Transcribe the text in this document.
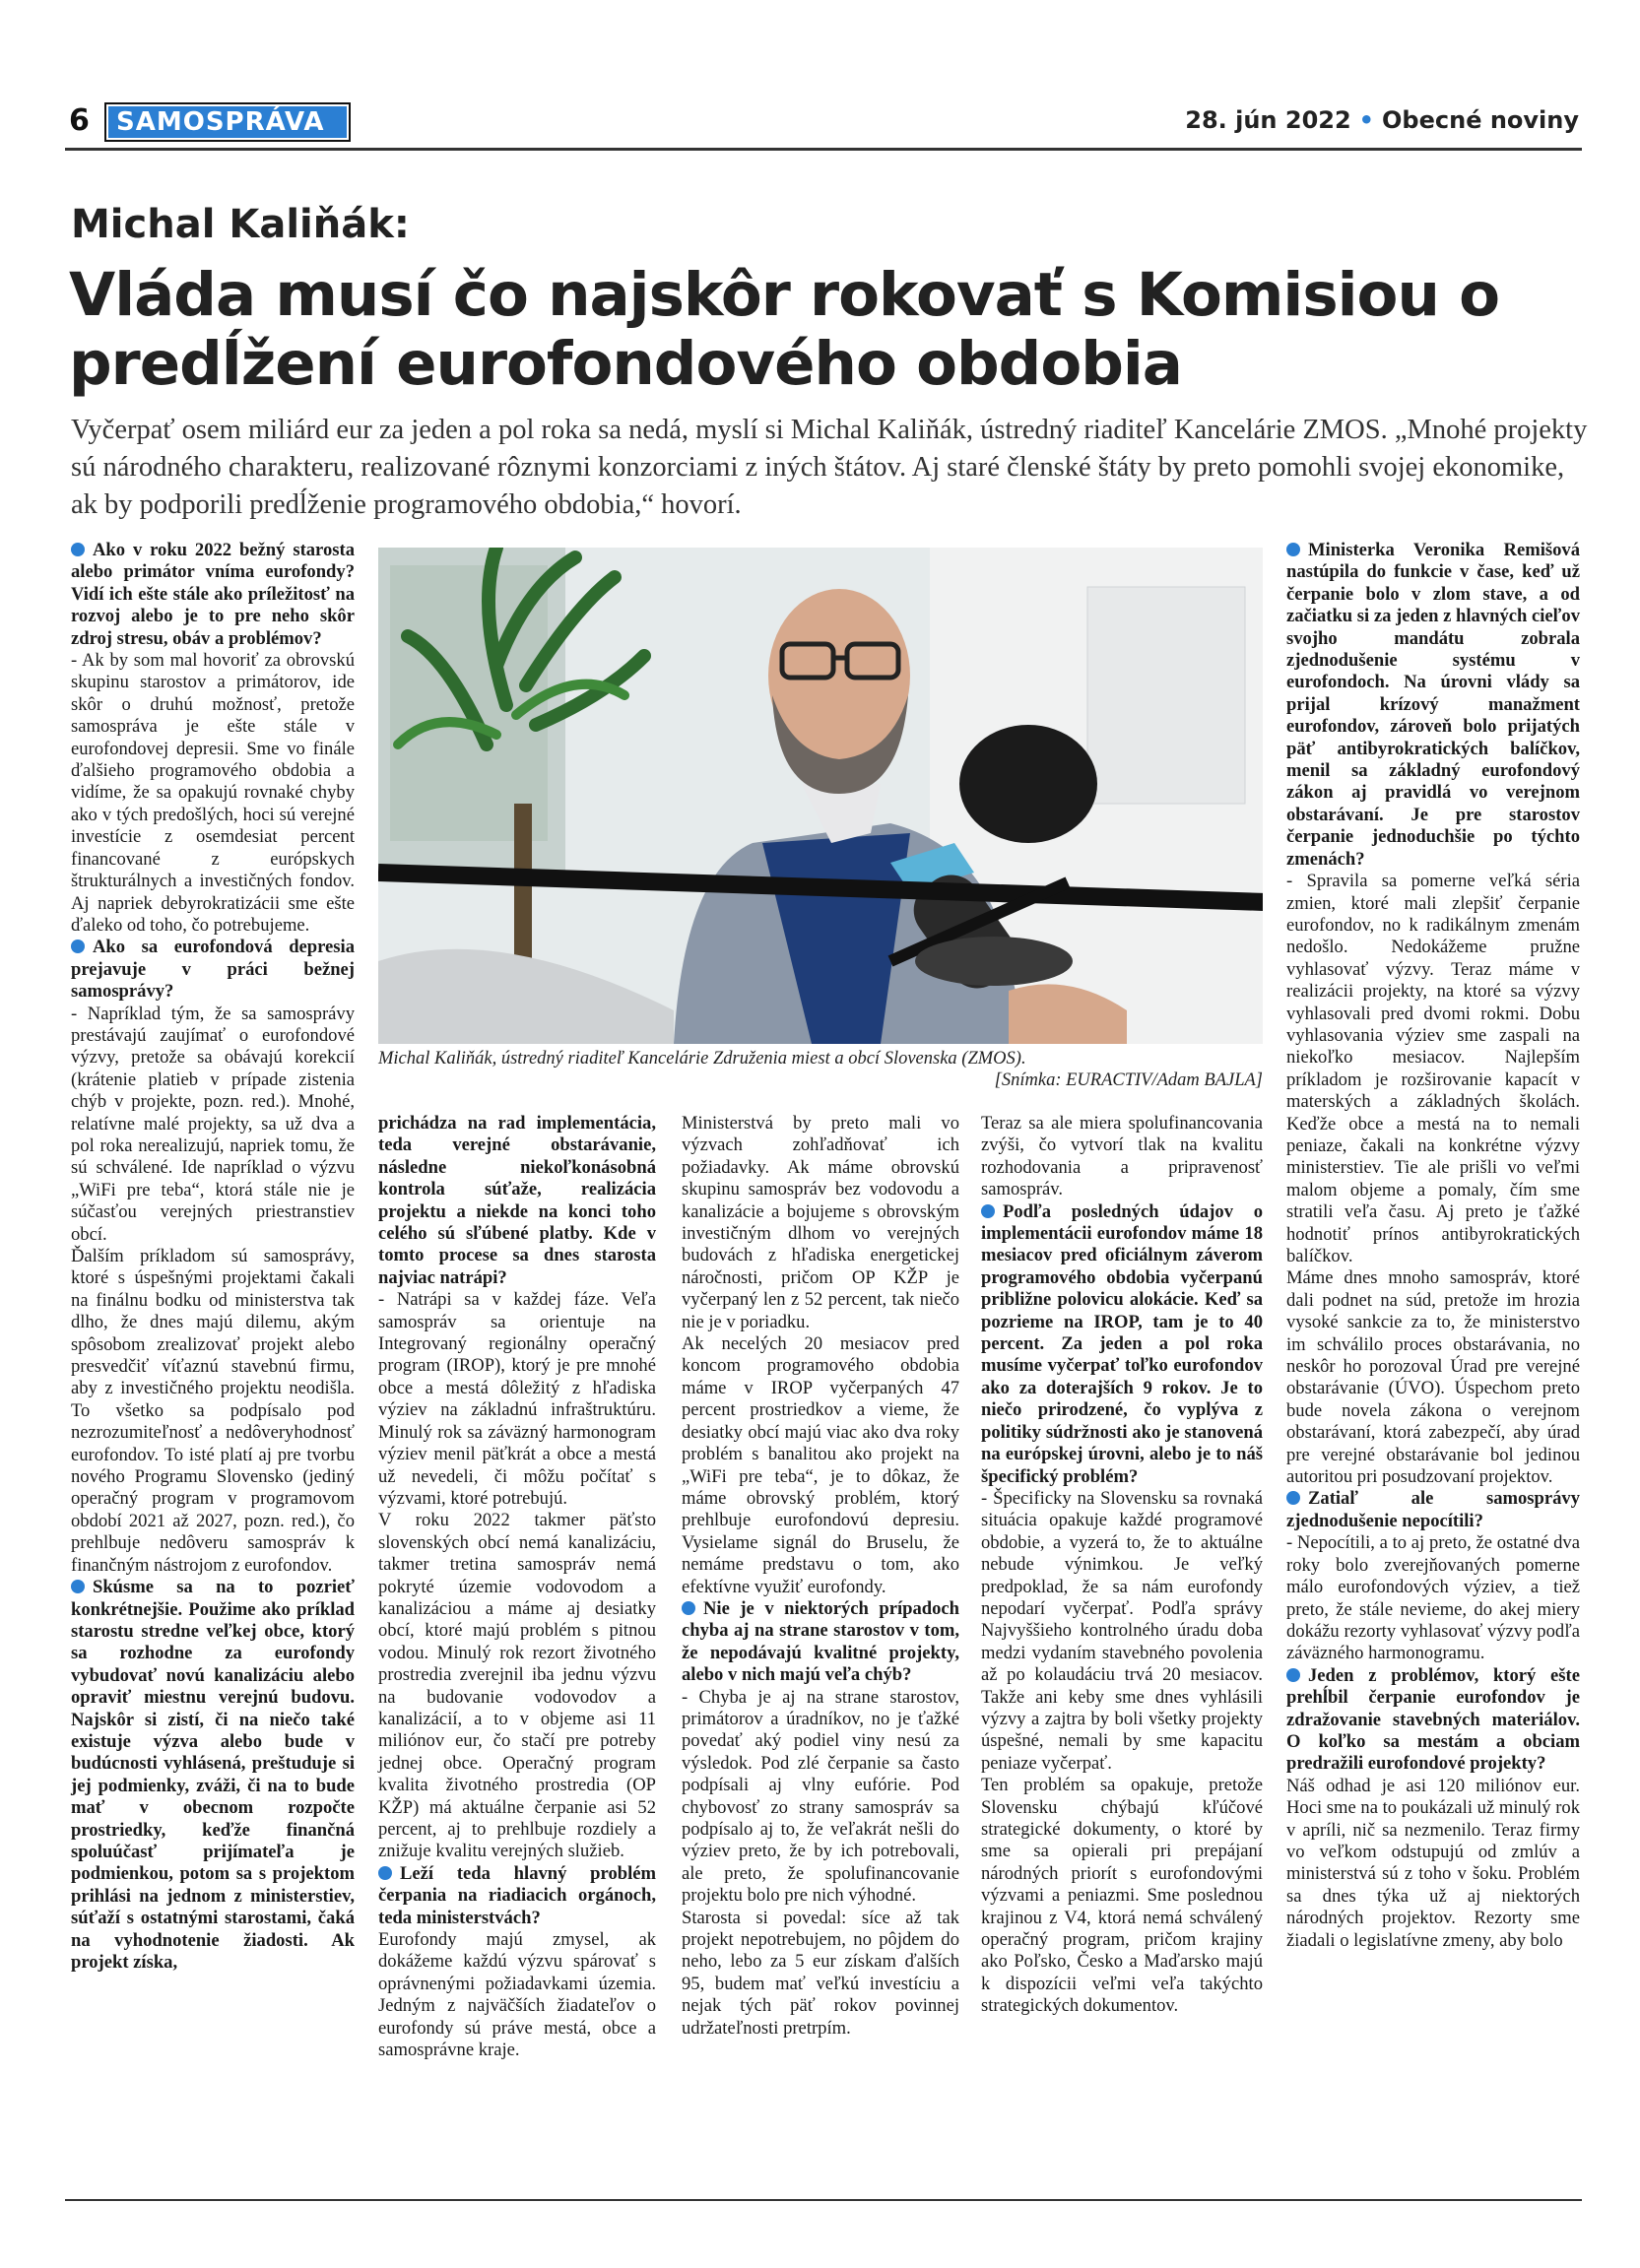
6	SAMOSPRÁVA	28. jún 2022 • Obecné noviny
Michal Kaliňák:
Vláda musí čo najskôr rokovať s Komisiou o predĺžení eurofondového obdobia
Vyčerpať osem miliárd eur za jeden a pol roka sa nedá, myslí si Michal Kaliňák, ústredný riaditeľ Kancelárie ZMOS. „Mnohé projekty sú národného charakteru, realizované rôznymi konzorciami z iných štátov. Aj staré členské štáty by preto pomohli svojej ekonomike, ak by podporili predĺženie programového obdobia,“ hovorí.

Ako v roku 2022 bežný starosta alebo primátor vníma eurofondy? Vidí ich ešte stále ako príležitosť na rozvoj alebo je to pre neho skôr zdroj stresu, obáv a problémov?

- Ak by som mal hovoriť za obrovskú skupinu starostov a primátorov, ide skôr o druhú možnosť, pretože samospráva je ešte stále v eurofondovej depresii. Sme vo finále ďalšieho programového obdobia a vidíme, že sa opakujú rovnaké chyby ako v tých predošlých, hoci sú verejné investície z osemdesiat percent financované z európskych štrukturálnych a investičných fondov. Aj napriek debyrokratizácii sme ešte ďaleko od toho, čo potrebujeme.

Ako sa eurofondová depresia prejavuje v práci bežnej samosprávy?

- Napríklad tým, že sa samosprávy prestávajú zaujímať o eurofondové výzvy, pretože sa obávajú korekcií (krátenie platieb v prípade zistenia chýb v projekte, pozn. red.). Mnohé, relatívne malé projekty, sa už dva a pol roka nerealizujú, napriek tomu, že sú schválené. Ide napríklad o výzvu „WiFi pre teba“, ktorá stále nie je súčasťou verejných priestranstiev obcí.

Ďalším príkladom sú samosprávy, ktoré s úspešnými projektami čakali na finálnu bodku od ministerstva tak dlho, že dnes majú dilemu, akým spôsobom zrealizovať projekt alebo presvedčiť víťaznú stavebnú firmu, aby z investičného projektu neodišla. To všetko sa podpísalo pod nezrozumiteľnosť a nedôveryhodnosť eurofondov. To isté platí aj pre tvorbu nového Programu Slovensko (jediný operačný program v programovom období 2021 až 2027, pozn. red.), čo prehlbuje nedôveru samospráv k finančným nástrojom z eurofondov.

Skúsme sa na to pozrieť konkrétnejšie. Použime ako príklad starostu stredne veľkej obce, ktorý sa rozhodne za eurofondy vybudovať novú kanalizáciu alebo opraviť miestnu verejnú budovu. Najskôr si zistí, či na niečo také existuje výzva alebo bude v budúcnosti vyhlásená, preštuduje si jej podmienky, zváži, či na to bude mať v obecnom rozpočte prostriedky, keďže finančná spoluúčasť prijímateľa je podmienkou, potom sa s projektom prihlási na jednom z ministerstiev, súťaží s ostatnými starostami, čaká na vyhodnotenie žiadosti. Ak projekt získa,

Michal Kaliňák, ústredný riaditeľ Kancelárie Združenia miest a obcí Slovenska (ZMOS).
[Snímka: EURACTIV/Adam BAJLA]

prichádza na rad implementácia, teda verejné obstarávanie, následne niekoľkonásobná kontrola súťaže, realizácia projektu a niekde na konci toho celého sú sľúbené platby. Kde v tomto procese sa dnes starosta najviac natrápi?

- Natrápi sa v každej fáze. Veľa samospráv sa orientuje na Integrovaný regionálny operačný program (IROP), ktorý je pre mnohé obce a mestá dôležitý z hľadiska výziev na základnú infraštruktúru. Minulý rok sa záväzný harmonogram výziev menil päťkrát a obce a mestá už nevedeli, či môžu počítať s výzvami, ktoré potrebujú.

V roku 2022 takmer päťsto slovenských obcí nemá kanalizáciu, takmer tretina samospráv nemá pokryté územie vodovodom a kanalizáciou a máme aj desiatky obcí, ktoré majú problém s pitnou vodou. Minulý rok rezort životného prostredia zverejnil iba jednu výzvu na budovanie vodovodov a kanalizácií, a to v objeme asi 11 miliónov eur, čo stačí pre potreby jednej obce. Operačný program kvalita životného prostredia (OP KŽP) má aktuálne čerpanie asi 52 percent, aj to prehlbuje rozdiely a znižuje kvalitu verejných služieb.

Leží teda hlavný problém čerpania na riadiacich orgánoch, teda ministerstvách?

Eurofondy majú zmysel, ak dokážeme každú výzvu spárovať s oprávnenými požiadavkami územia. Jedným z najväčších žiadateľov o eurofondy sú práve mestá, obce a samosprávne kraje.

Ministerstvá by preto mali vo výzvach zohľadňovať ich požiadavky. Ak máme obrovskú skupinu samospráv bez vodovodu a kanalizácie a bojujeme s obrovským investičným dlhom vo verejných budovách z hľadiska energetickej náročnosti, pričom OP KŽP je vyčerpaný len z 52 percent, tak niečo nie je v poriadku.

Ak necelých 20 mesiacov pred koncom programového obdobia máme v IROP vyčerpaných 47 percent prostriedkov a vieme, že desiatky obcí majú viac ako dva roky problém s banalitou ako projekt na „WiFi pre teba“, je to dôkaz, že máme obrovský problém, ktorý prehlbuje eurofondovú depresiu. Vysielame signál do Bruselu, že nemáme predstavu o tom, ako efektívne využiť eurofondy.

Nie je v niektorých prípadoch chyba aj na strane starostov v tom, že nepodávajú kvalitné projekty, alebo v nich majú veľa chýb?

- Chyba je aj na strane starostov, primátorov a úradníkov, no je ťažké povedať aký podiel viny nesú za výsledok. Pod zlé čerpanie sa často podpísali aj vlny eufórie. Pod chybovosť zo strany samospráv sa podpísalo aj to, že veľakrát nešli do výziev preto, že by ich potrebovali, ale preto, že spolufinancovanie projektu bolo pre nich výhodné.

Starosta si povedal: síce až tak projekt nepotrebujem, no pôjdem do neho, lebo za 5 eur získam ďalších 95, budem mať veľkú investíciu a nejak tých päť rokov povinnej udržateľnosti pretrpím.

Teraz sa ale miera spolufinancovania zvýši, čo vytvorí tlak na kvalitu rozhodovania a pripravenosť samospráv.

Podľa posledných údajov o implementácii eurofondov máme 18 mesiacov pred oficiálnym záverom programového obdobia vyčerpanú približne polovicu alokácie. Keď sa pozrieme na IROP, tam je to 40 percent. Za jeden a pol roka musíme vyčerpať toľko eurofondov ako za doterajších 9 rokov. Je to niečo prirodzené, čo vyplýva z politiky súdržnosti ako je stanovená na európskej úrovni, alebo je to náš špecifický problém?

- Špecificky na Slovensku sa rovnaká situácia opakuje každé programové obdobie, a vyzerá to, že to aktuálne nebude výnimkou. Je veľký predpoklad, že sa nám eurofondy nepodarí vyčerpať. Podľa správy Najvyššieho kontrolného úradu doba medzi vydaním stavebného povolenia až po kolaudáciu trvá 20 mesiacov. Takže ani keby sme dnes vyhlásili výzvy a zajtra by boli všetky projekty úspešné, nemali by sme kapacitu peniaze vyčerpať.

Ten problém sa opakuje, pretože Slovensku chýbajú kľúčové strategické dokumenty, o ktoré by sme sa opierali pri prepájaní národných priorít s eurofondovými výzvami a peniazmi. Sme poslednou krajinou z V4, ktorá nemá schválený operačný program, pričom krajiny ako Poľsko, Česko a Maďarsko majú k dispozícii veľmi veľa takýchto strategických dokumentov.

Ministerka Veronika Remišová nastúpila do funkcie v čase, keď už čerpanie bolo v zlom stave, a od začiatku si za jeden z hlavných cieľov svojho mandátu zobrala zjednodušenie systému v eurofondoch. Na úrovni vlády sa prijal krízový manažment eurofondov, zároveň bolo prijatých päť antibyrokratických balíčkov, menil sa základný eurofondový zákon aj pravidlá vo verejnom obstarávaní. Je pre starostov čerpanie jednoduchšie po týchto zmenách?

- Spravila sa pomerne veľká séria zmien, ktoré mali zlepšiť čerpanie eurofondov, no k radikálnym zmenám nedošlo. Nedokážeme pružne vyhlasovať výzvy. Teraz máme v realizácii projekty, na ktoré sa výzvy vyhlasovali pred dvomi rokmi. Dobu vyhlasovania výziev sme zaspali na niekoľko mesiacov. Najlepším príkladom je rozširovanie kapacít v materských a základných školách. Keďže obce a mestá na to nemali peniaze, čakali na konkrétne výzvy ministerstiev. Tie ale prišli vo veľmi malom objeme a pomaly, čím sme stratili veľa času. Aj preto je ťažké hodnotiť prínos antibyrokratických balíčkov.

Máme dnes mnoho samospráv, ktoré dali podnet na súd, pretože im hrozia vysoké sankcie za to, že ministerstvo im schválilo proces obstarávania, no neskôr ho porozoval Úrad pre verejné obstarávanie (ÚVO). Úspechom preto bude novela zákona o verejnom obstarávaní, ktorá zabezpečí, aby úrad pre verejné obstarávanie bol jedinou autoritou pri posudzovaní projektov.

Zatiaľ ale samosprávy zjednodušenie nepocítili?

- Nepocítili, a to aj preto, že ostatné dva roky bolo zverejňovaných pomerne málo eurofondových výziev, a tiež preto, že stále nevieme, do akej miery dokážu rezorty vyhlasovať výzvy podľa záväzného harmonogramu.

Jeden z problémov, ktorý ešte prehĺbil čerpanie eurofondov je zdražovanie stavebných materiálov. O koľko sa mestám a obciam predražili eurofondové projekty?

Náš odhad je asi 120 miliónov eur. Hoci sme na to poukázali už minulý rok v apríli, nič sa nezmenilo. Teraz firmy vo veľkom odstupujú od zmlúv a ministerstvá sú z toho v šoku. Problém sa dnes týka už aj niektorých národných projektov. Rezorty sme žiadali o legislatívne zmeny, aby bolo
